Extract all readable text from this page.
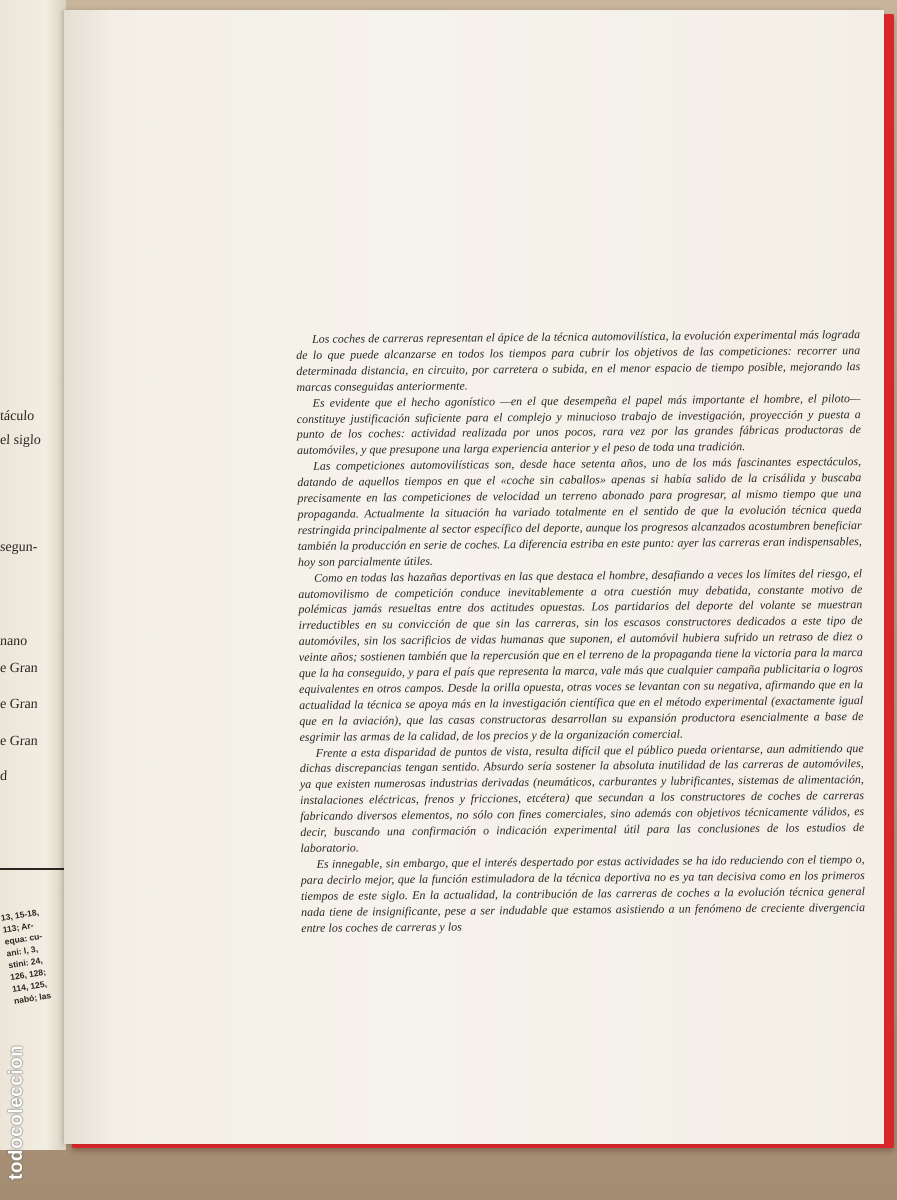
táculo

el siglo

segun-

nano

e Gran

e Gran

e Gran

d

13, 15-18,
113; Ar-
equa: cu-
ani: l, 3,
stini: 24,
126, 128;
114, 125,
nabó; las

Los coches de carreras representan el ápice de la técnica automovilística, la evolución experimental más lograda de lo que puede alcanzarse en todos los tiempos para cubrir los objetivos de las competiciones: recorrer una determinada distancia, en circuito, por carretera o subida, en el menor espacio de tiempo posible, mejorando las marcas conseguidas anteriormente.

Es evidente que el hecho agonístico —en el que desempeña el papel más importante el hombre, el piloto— constituye justificación suficiente para el complejo y minucioso trabajo de investigación, proyección y puesta a punto de los coches: actividad realizada por unos pocos, rara vez por las grandes fábricas productoras de automóviles, y que presupone una larga experiencia anterior y el peso de toda una tradición.

Las competiciones automovilísticas son, desde hace setenta años, uno de los más fascinantes espectáculos, datando de aquellos tiempos en que el «coche sin caballos» apenas si había salido de la crisálida y buscaba precisamente en las competiciones de velocidad un terreno abonado para progresar, al mismo tiempo que una propaganda. Actualmente la situación ha variado totalmente en el sentido de que la evolución técnica queda restringida principalmente al sector específico del deporte, aunque los progresos alcanzados acostumbren beneficiar también la producción en serie de coches. La diferencia estriba en este punto: ayer las carreras eran indispensables, hoy son parcialmente útiles.

Como en todas las hazañas deportivas en las que destaca el hombre, desafiando a veces los límites del riesgo, el automovilismo de competición conduce inevitablemente a otra cuestión muy debatida, constante motivo de polémicas jamás resueltas entre dos actitudes opuestas. Los partidarios del deporte del volante se muestran irreductibles en su convicción de que sin las carreras, sin los escasos constructores dedicados a este tipo de automóviles, sin los sacrificios de vidas humanas que suponen, el automóvil hubiera sufrido un retraso de diez o veinte años; sostienen también que la repercusión que en el terreno de la propaganda tiene la victoria para la marca que la ha conseguido, y para el país que representa la marca, vale más que cualquier campaña publicitaria o logros equivalentes en otros campos. Desde la orilla opuesta, otras voces se levantan con su negativa, afirmando que en la actualidad la técnica se apoya más en la investigación científica que en el método experimental (exactamente igual que en la aviación), que las casas constructoras desarrollan su expansión productora esencialmente a base de esgrimir las armas de la calidad, de los precios y de la organización comercial.

Frente a esta disparidad de puntos de vista, resulta difícil que el público pueda orientarse, aun admitiendo que dichas discrepancias tengan sentido. Absurdo sería sostener la absoluta inutilidad de las carreras de automóviles, ya que existen numerosas industrias derivadas (neumáticos, carburantes y lubrificantes, sistemas de alimentación, instalaciones eléctricas, frenos y fricciones, etcétera) que secundan a los constructores de coches de carreras fabricando diversos elementos, no sólo con fines comerciales, sino además con objetivos técnicamente válidos, es decir, buscando una confirmación o indicación experimental útil para las conclusiones de los estudios de laboratorio.

Es innegable, sin embargo, que el interés despertado por estas actividades se ha ido reduciendo con el tiempo o, para decirlo mejor, que la función estimuladora de la técnica deportiva no es ya tan decisiva como en los primeros tiempos de este siglo. En la actualidad, la contribución de las carreras de coches a la evolución técnica general nada tiene de insignificante, pese a ser indudable que estamos asistiendo a un fenómeno de creciente divergencia entre los coches de carreras y los

todocoleccion
